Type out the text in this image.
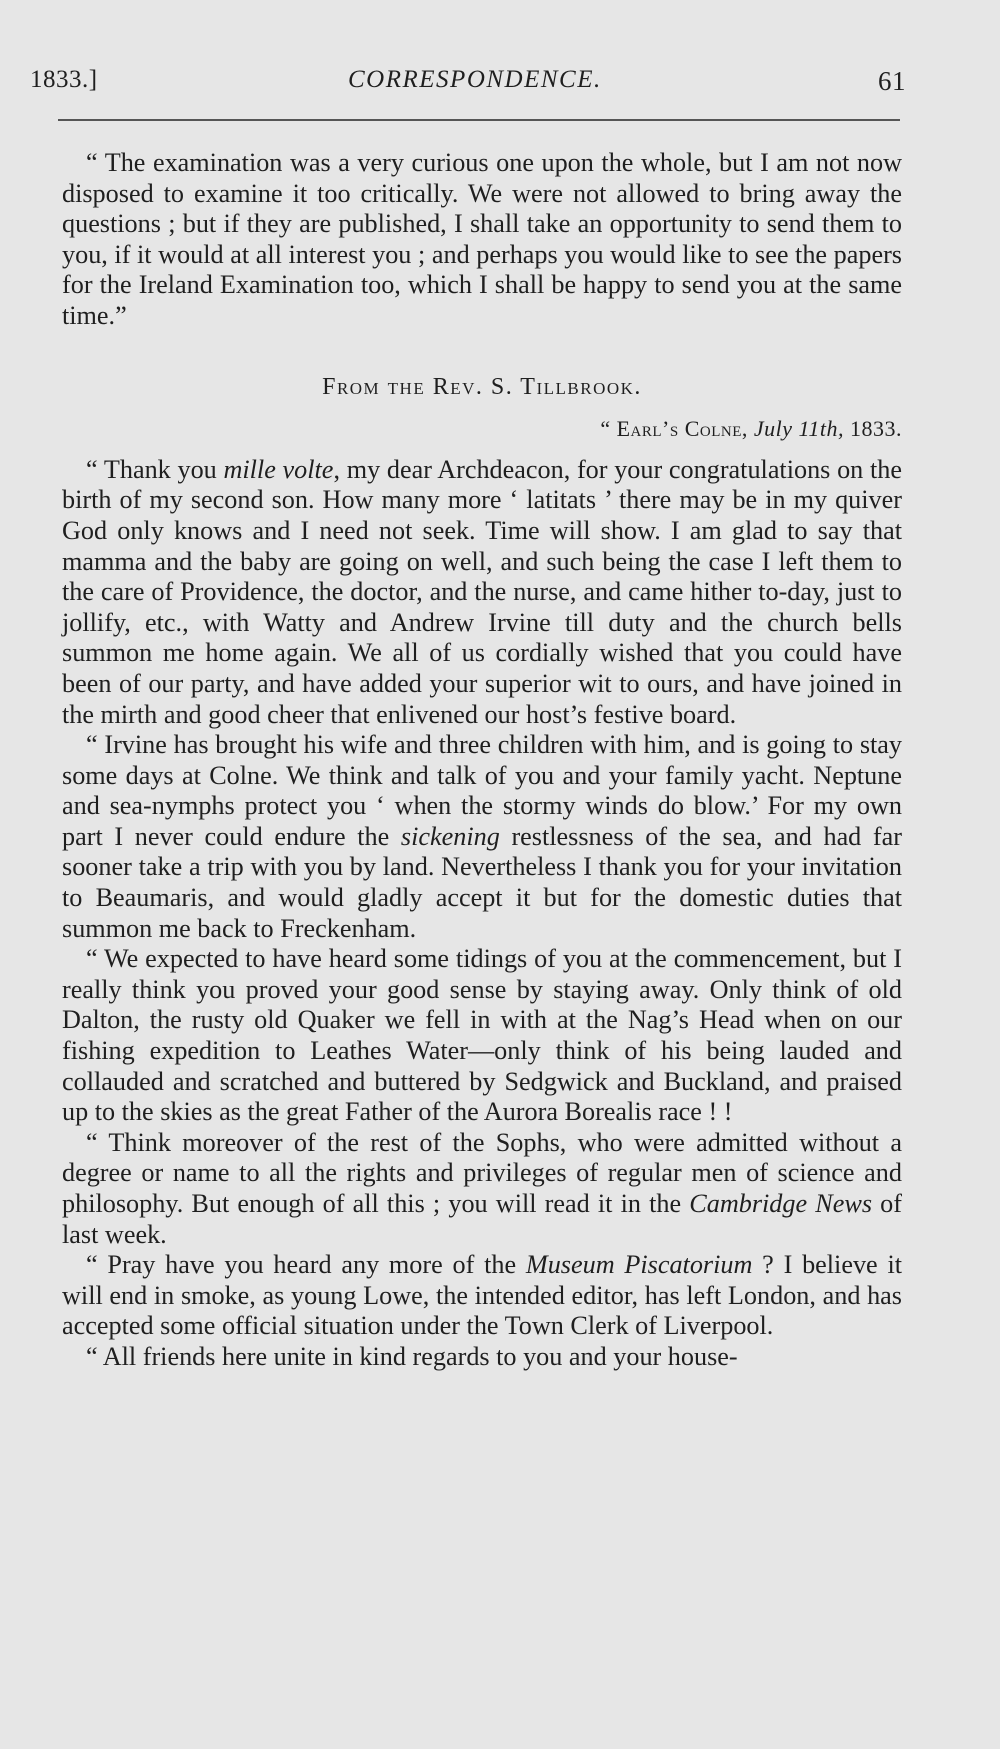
1833.]	CORRESPONDENCE.	61

“ The examination was a very curious one upon the whole, but I am not now disposed to examine it too critically. We were not allowed to bring away the questions ; but if they are published, I shall take an opportunity to send them to you, if it would at all interest you ; and perhaps you would like to see the papers for the Ireland Examination too, which I shall be happy to send you at the same time.”

From the Rev. S. Tillbrook.
“ Earl’s Colne, July 11th, 1833.

“ Thank you mille volte, my dear Archdeacon, for your congratulations on the birth of my second son. How many more ‘ latitats ’ there may be in my quiver God only knows and I need not seek. Time will show. I am glad to say that mamma and the baby are going on well, and such being the case I left them to the care of Providence, the doctor, and the nurse, and came hither to-day, just to jollify, etc., with Watty and Andrew Irvine till duty and the church bells summon me home again. We all of us cordially wished that you could have been of our party, and have added your superior wit to ours, and have joined in the mirth and good cheer that enlivened our host’s festive board.

“ Irvine has brought his wife and three children with him, and is going to stay some days at Colne. We think and talk of you and your family yacht. Neptune and sea-nymphs protect you ‘ when the stormy winds do blow.’ For my own part I never could endure the sickening restlessness of the sea, and had far sooner take a trip with you by land. Nevertheless I thank you for your invitation to Beaumaris, and would gladly accept it but for the domestic duties that summon me back to Freckenham.

“ We expected to have heard some tidings of you at the commencement, but I really think you proved your good sense by staying away. Only think of old Dalton, the rusty old Quaker we fell in with at the Nag’s Head when on our fishing expedition to Leathes Water—only think of his being lauded and collauded and scratched and buttered by Sedgwick and Buckland, and praised up to the skies as the great Father of the Aurora Borealis race ! !

“ Think moreover of the rest of the Sophs, who were admitted without a degree or name to all the rights and privileges of regular men of science and philosophy. But enough of all this ; you will read it in the Cambridge News of last week.

“ Pray have you heard any more of the Museum Piscatorium ? I believe it will end in smoke, as young Lowe, the intended editor, has left London, and has accepted some official situation under the Town Clerk of Liverpool.

“ All friends here unite in kind regards to you and your house-
